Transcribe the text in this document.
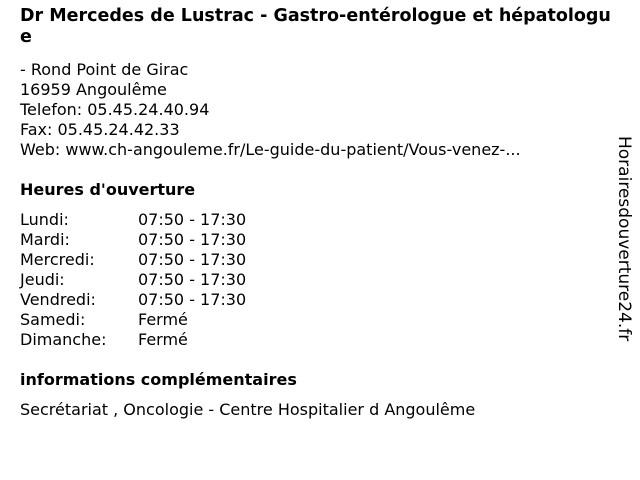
Dr Mercedes de Lustrac - Gastro-entérologue et hépatologue
- Rond Point de Girac
16959 Angoulême
Telefon: 05.45.24.40.94
Fax: 05.45.24.42.33
Web: www.ch-angouleme.fr/Le-guide-du-patient/Vous-venez-...
Heures d'ouverture
Lundi:	07:50 - 17:30
Mardi:	07:50 - 17:30
Mercredi:	07:50 - 17:30
Jeudi:	07:50 - 17:30
Vendredi:	07:50 - 17:30
Samedi:	Fermé
Dimanche:	Fermé
informations complémentaires
Secrétariat , Oncologie - Centre Hospitalier d Angoulême
Horairesdouverture24.fr
